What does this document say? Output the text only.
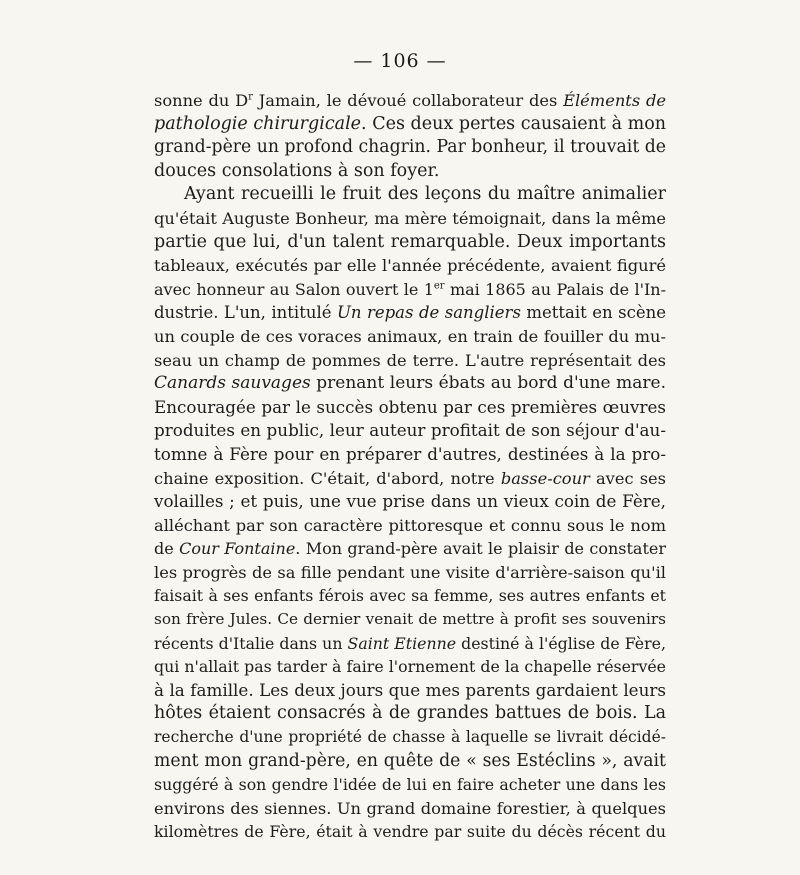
— 106 —
sonne du $D^r$ Jamain, le dévoué collaborateur des Éléments de
pathologie chirurgicale. Ces deux pertes causaient à mon
grand-père un profond chagrin. Par bonheur, il trouvait de
douces consolations à son foyer.
Ayant recueilli le fruit des leçons du maître animalier
qu'était Auguste Bonheur, ma mère témoignait, dans la même
partie que lui, d'un talent remarquable. Deux importants
tableaux, exécutés par elle l'année précédente, avaient figuré
avec honneur au Salon ouvert le 1er mai 1865 au Palais de l'In-
dustrie. L'un, intitulé Un repas de sangliers mettait en scène
un couple de ces voraces animaux, en train de fouiller du mu-
seau un champ de pommes de terre. L'autre représentait des
Canards sauvages prenant leurs ébats au bord d'une mare.
Encouragée par le succès obtenu par ces premières œuvres
produites en public, leur auteur profitait de son séjour d'au-
tomne à Fère pour en préparer d'autres, destinées à la pro-
chaine exposition. C'était, d'abord, notre basse-cour avec ses
volailles ; et puis, une vue prise dans un vieux coin de Fère,
alléchant par son caractère pittoresque et connu sous le nom
de Cour Fontaine. Mon grand-père avait le plaisir de constater
les progrès de sa fille pendant une visite d'arrière-saison qu'il
faisait à ses enfants férois avec sa femme, ses autres enfants et
son frère Jules. Ce dernier venait de mettre à profit ses souvenirs
récents d'Italie dans un Saint Etienne destiné à l'église de Fère,
qui n'allait pas tarder à faire l'ornement de la chapelle réservée
à la famille. Les deux jours que mes parents gardaient leurs
hôtes étaient consacrés à de grandes battues de bois. La
recherche d'une propriété de chasse à laquelle se livrait décidé-
ment mon grand-père, en quête de « ses Estéclins », avait
suggéré à son gendre l'idée de lui en faire acheter une dans les
environs des siennes. Un grand domaine forestier, à quelques
kilomètres de Fère, était à vendre par suite du décès récent du
